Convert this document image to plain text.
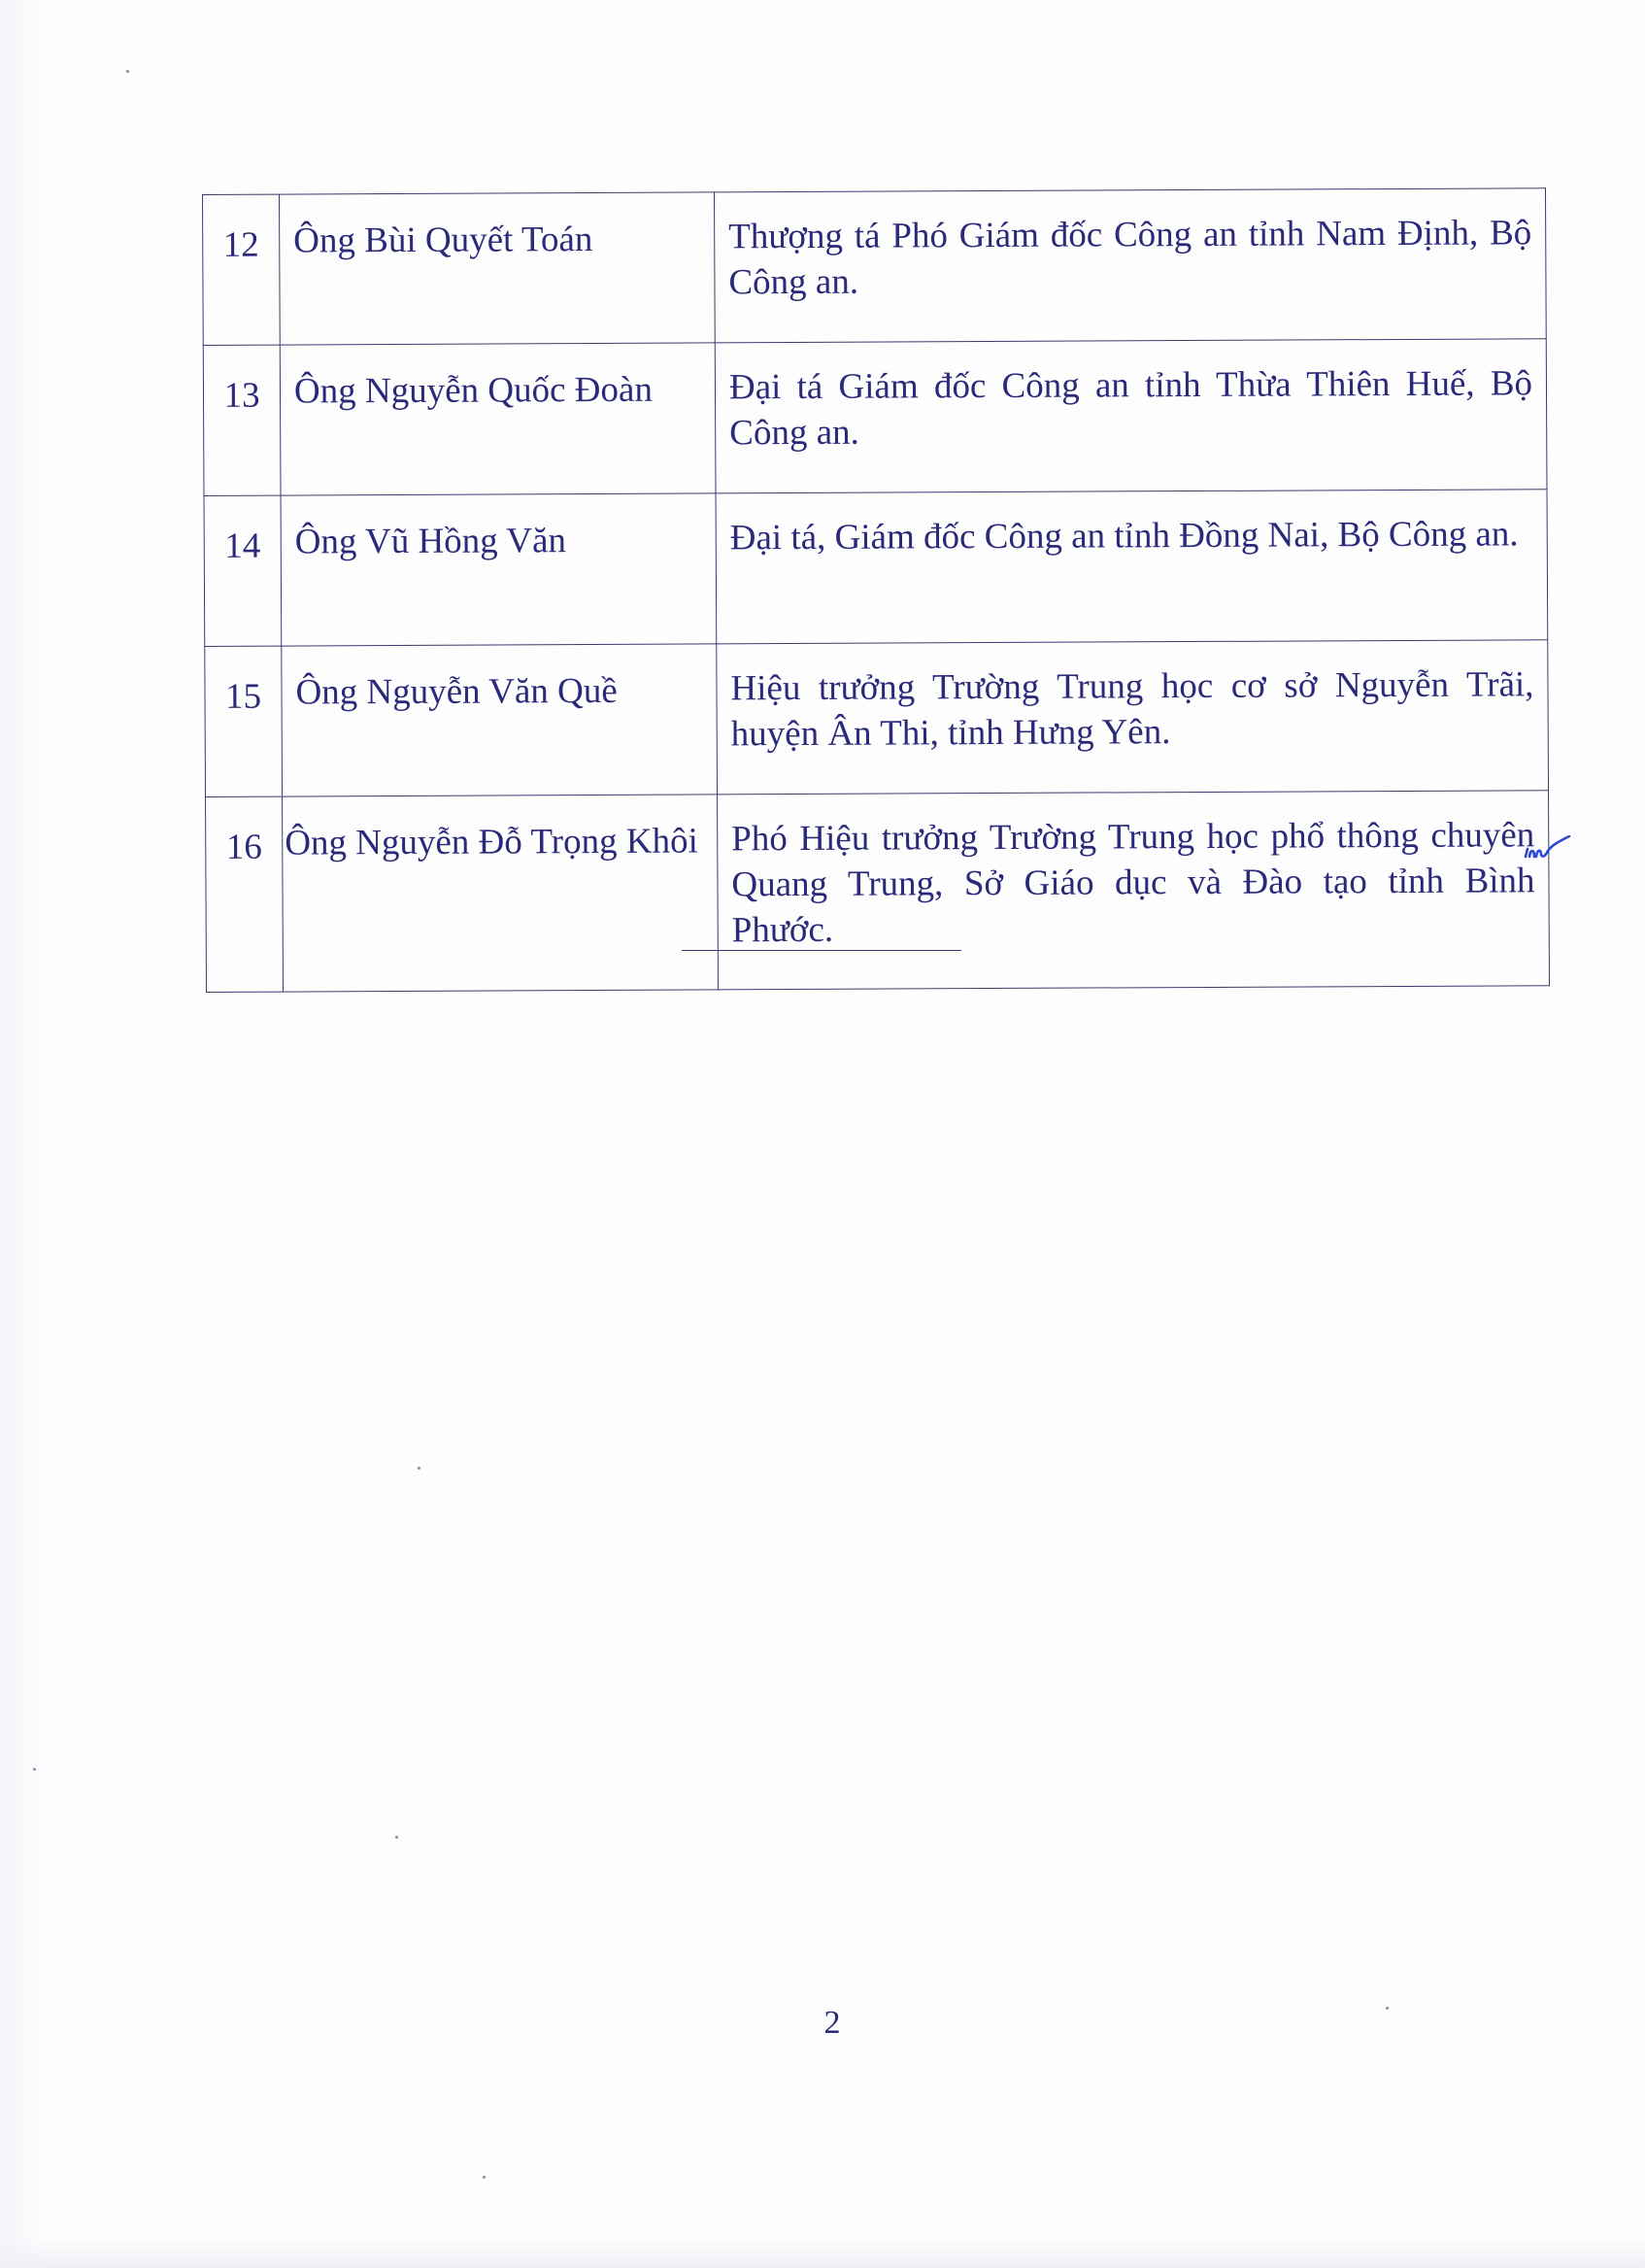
12	Ông Bùi Quyết Toán	Thượng tá Phó Giám đốc Công an tỉnh Nam Định, Bộ Công an.

13	Ông Nguyễn Quốc Đoàn	Đại tá Giám đốc Công an tỉnh Thừa Thiên Huế, Bộ Công an.

14	Ông Vũ Hồng Văn	Đại tá, Giám đốc Công an tỉnh Đồng Nai, Bộ Công an.

15	Ông Nguyễn Văn Quề	Hiệu trưởng Trường Trung học cơ sở Nguyễn Trãi, huyện Ân Thi, tỉnh Hưng Yên.

16	Ông Nguyễn Đỗ Trọng Khôi	Phó Hiệu trưởng Trường Trung học phổ thông chuyên Quang Trung, Sở Giáo dục và Đào tạo tỉnh Bình Phước.
2
